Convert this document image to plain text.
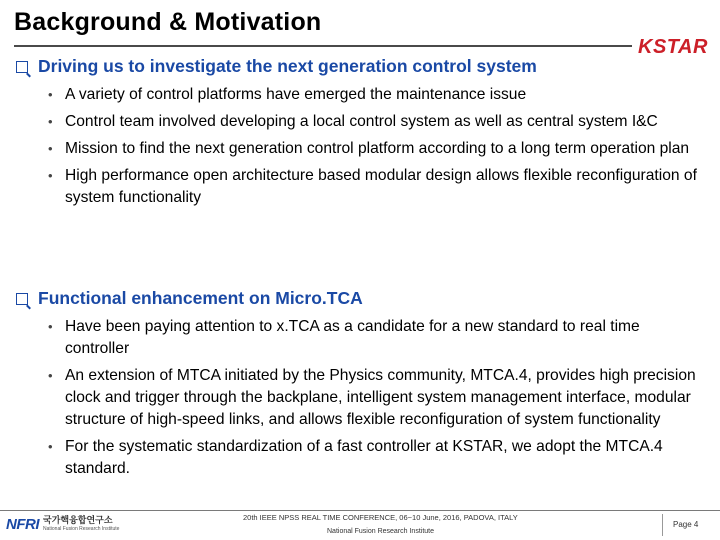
Background & Motivation
KSTAR
Driving us to investigate the next generation control system
• A variety of control platforms have emerged the maintenance issue
• Control team involved developing a local control system as well as central system I&C
• Mission to find the next generation control platform according to a long term operation plan
• High performance open architecture based modular design allows flexible reconfiguration of system functionality
Functional enhancement on Micro.TCA
• Have been paying attention to x.TCA as a candidate for a new standard to real time controller
• An extension of MTCA initiated by the Physics community, MTCA.4, provides high precision clock and trigger through the backplane, intelligent system management interface, modular structure of high-speed links, and allows flexible reconfiguration of system functionality
• For the systematic standardization of a fast controller at KSTAR, we adopt the MTCA.4 standard.
NFRI 국가핵융합연구소
National Fusion Research Institute
20th IEEE NPSS REAL TIME CONFERENCE, 06~10 June, 2016, PADOVA, ITALY
National Fusion Research Institute
Page 4
